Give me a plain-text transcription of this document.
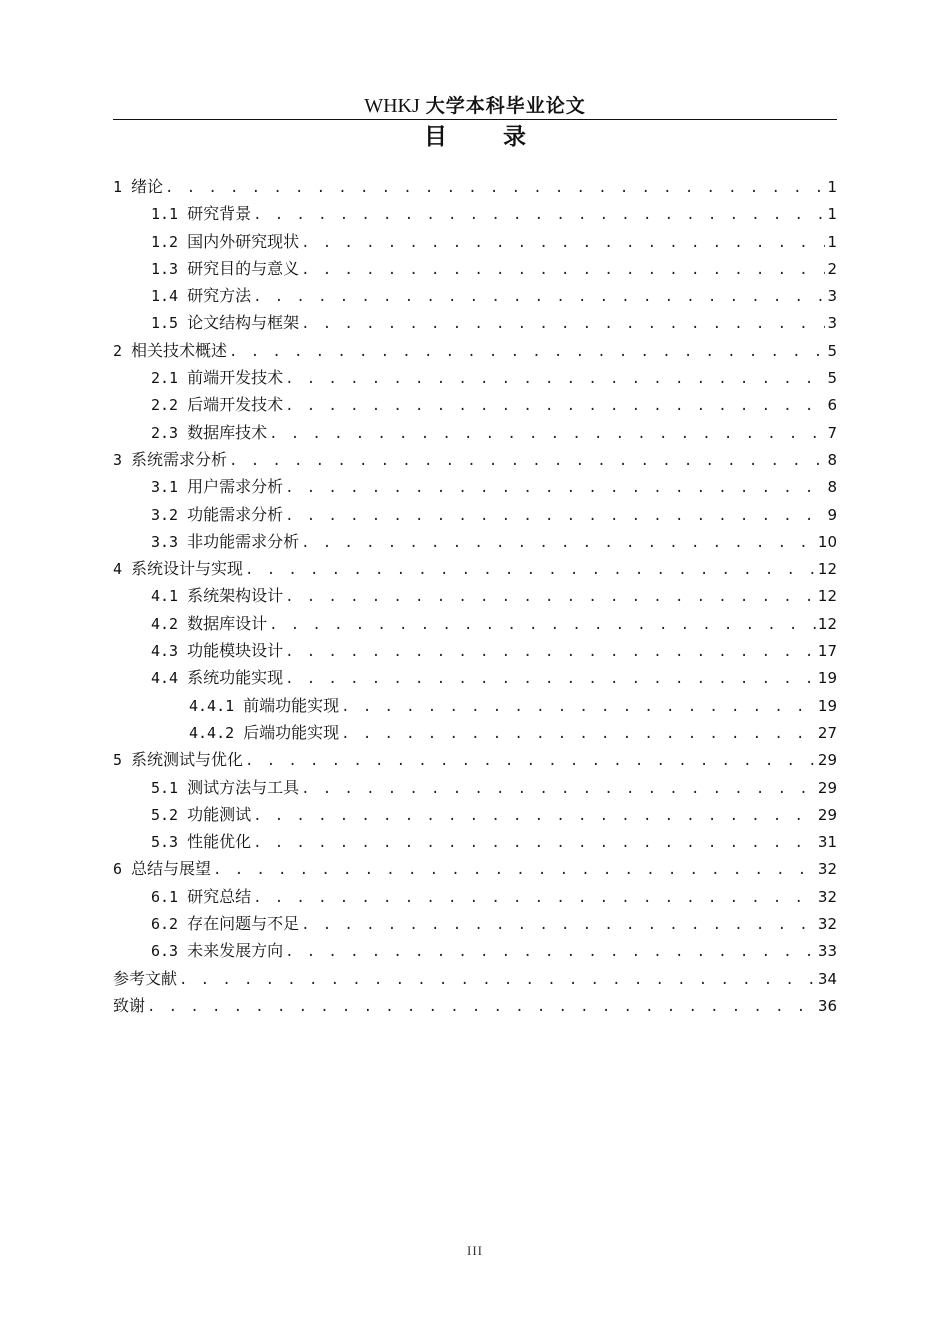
WHKJ 大学本科毕业论文
目 录
1 绪论 . . .	1
1.1 研究背景 . . .	1
1.2 国内外研究现状 . . .	1
1.3 研究目的与意义 . . .	2
1.4 研究方法 . . .	3
1.5 论文结构与框架 . . .	3
2 相关技术概述 . . .	5
2.1 前端开发技术 . . .	5
2.2 后端开发技术 . . .	6
2.3 数据库技术 . . .	7
3 系统需求分析 . . .	8
3.1 用户需求分析 . . .	8
3.2 功能需求分析 . . .	9
3.3 非功能需求分析 . . .	10
4 系统设计与实现 . . .	12
4.1 系统架构设计 . . .	12
4.2 数据库设计 . . .	12
4.3 功能模块设计 . . .	17
4.4 系统功能实现 . . .	19
4.4.1 前端功能实现 . . .	19
4.4.2 后端功能实现 . . .	27
5 系统测试与优化 . . .	29
5.1 测试方法与工具 . . .	29
5.2 功能测试 . . .	29
5.3 性能优化 . . .	31
6 总结与展望 . . .	32
6.1 研究总结 . . .	32
6.2 存在问题与不足 . . .	32
6.3 未来发展方向 . . .	33
参考文献 . . .	34
致谢 . . .	36
III
